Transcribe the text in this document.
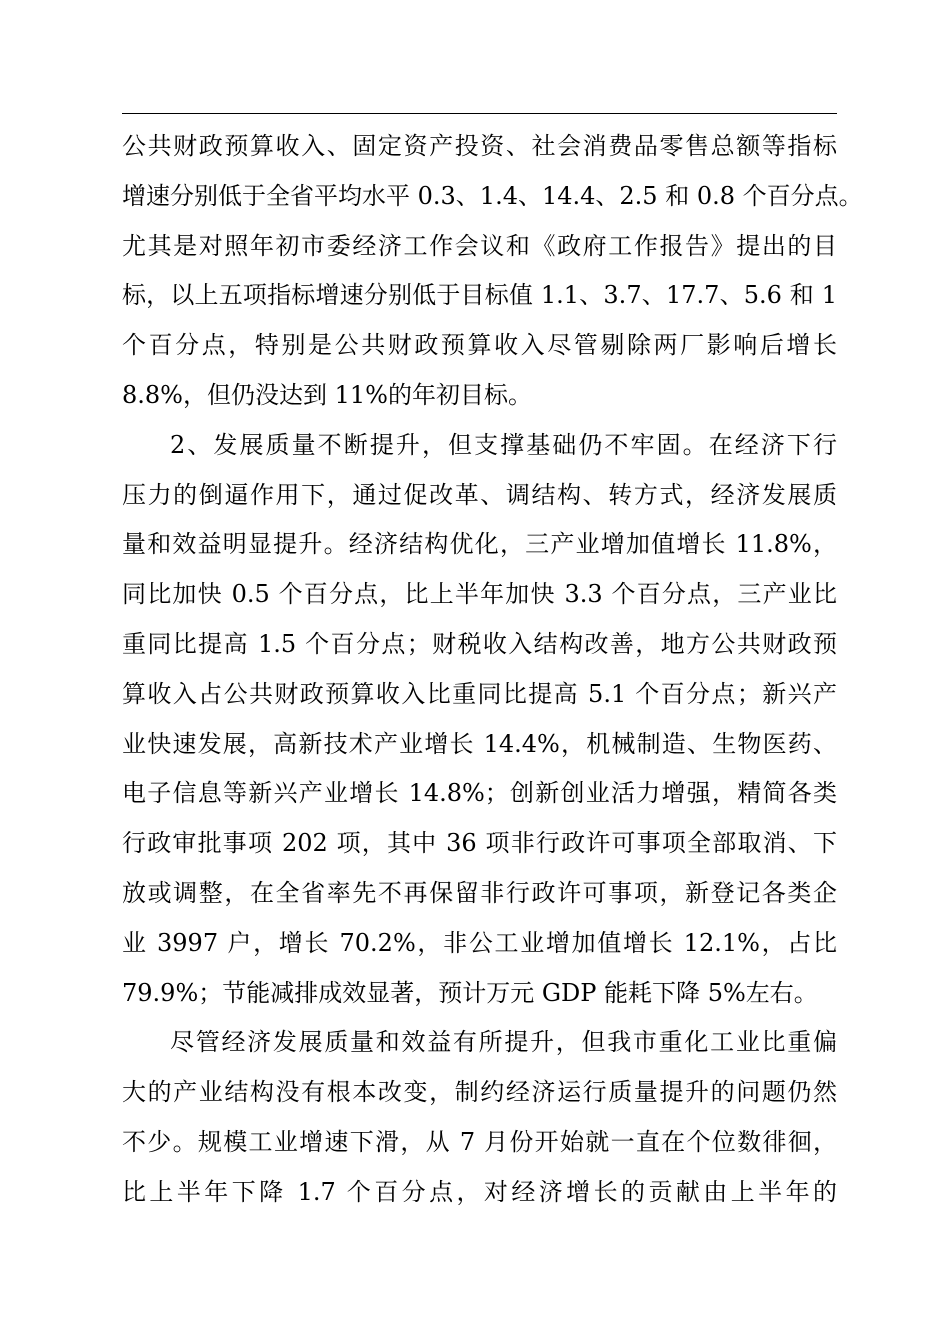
公共财政预算收入、固定资产投资、社会消费品零售总额等指标
增速分别低于全省平均水平 0.3、1.4、14.4、2.5 和 0.8 个百分点。
尤其是对照年初市委经济工作会议和《政府工作报告》提出的目
标，以上五项指标增速分别低于目标值 1.1、3.7、17.7、5.6 和 1
个百分点，特别是公共财政预算收入尽管剔除两厂影响后增长
8.8%，但仍没达到 11%的年初目标。
2、发展质量不断提升，但支撑基础仍不牢固。在经济下行
压力的倒逼作用下，通过促改革、调结构、转方式，经济发展质
量和效益明显提升。经济结构优化，三产业增加值增长 11.8%，
同比加快 0.5 个百分点，比上半年加快 3.3 个百分点，三产业比
重同比提高 1.5 个百分点；财税收入结构改善，地方公共财政预
算收入占公共财政预算收入比重同比提高 5.1 个百分点；新兴产
业快速发展，高新技术产业增长 14.4%，机械制造、生物医药、
电子信息等新兴产业增长 14.8%；创新创业活力增强，精简各类
行政审批事项 202 项，其中 36 项非行政许可事项全部取消、下
放或调整，在全省率先不再保留非行政许可事项，新登记各类企
业 3997 户，增长 70.2%，非公工业增加值增长 12.1%，占比
79.9%；节能减排成效显著，预计万元 GDP 能耗下降 5%左右。
尽管经济发展质量和效益有所提升，但我市重化工业比重偏
大的产业结构没有根本改变，制约经济运行质量提升的问题仍然
不少。规模工业增速下滑，从 7 月份开始就一直在个位数徘徊，
比上半年下降 1.7 个百分点，对经济增长的贡献由上半年的
